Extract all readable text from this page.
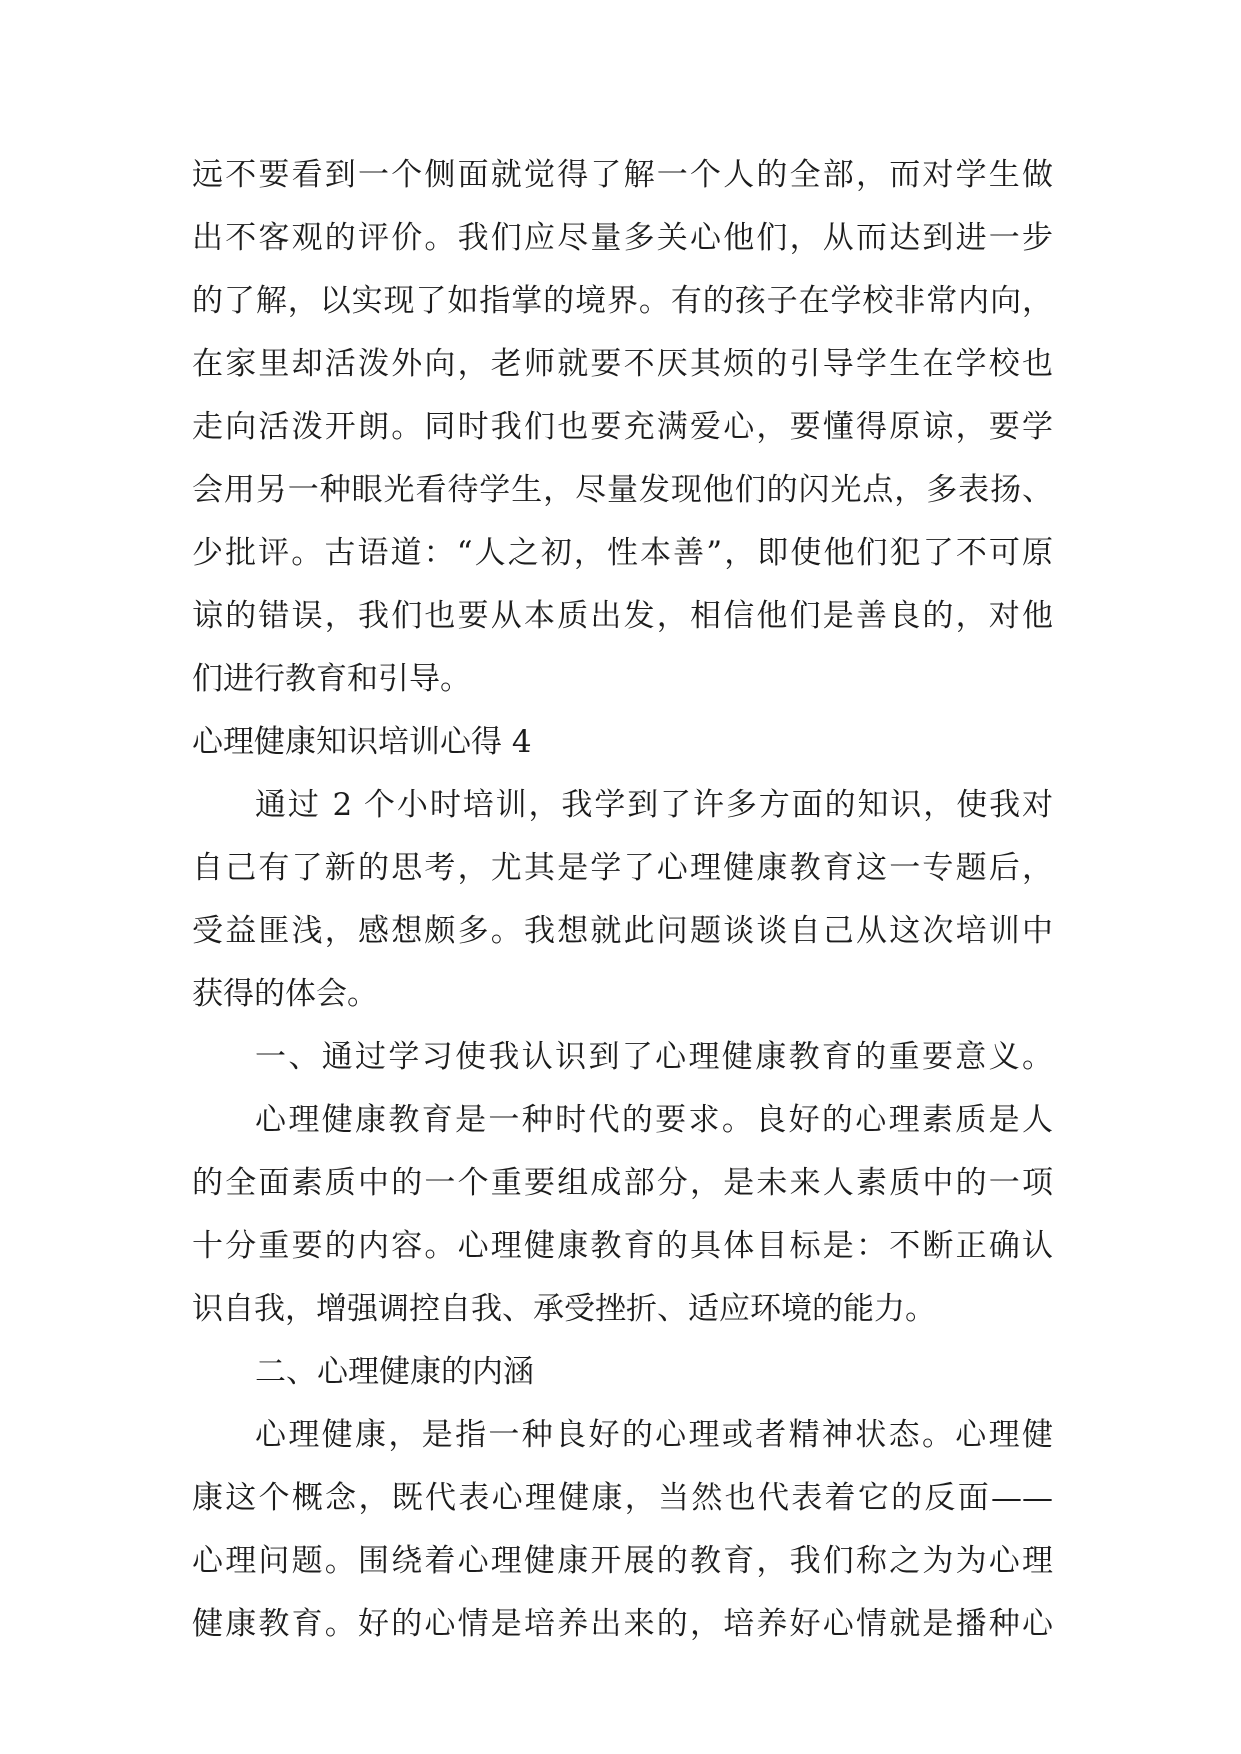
远不要看到一个侧面就觉得了解一个人的全部，而对学生做
出不客观的评价。我们应尽量多关心他们，从而达到进一步
的了解，以实现了如指掌的境界。有的孩子在学校非常内向，
在家里却活泼外向，老师就要不厌其烦的引导学生在学校也
走向活泼开朗。同时我们也要充满爱心，要懂得原谅，要学
会用另一种眼光看待学生，尽量发现他们的闪光点，多表扬、
少批评。古语道：“人之初，性本善”，即使他们犯了不可原
谅的错误，我们也要从本质出发，相信他们是善良的，对他
们进行教育和引导。
心理健康知识培训心得 4
通过 2 个小时培训，我学到了许多方面的知识，使我对
自己有了新的思考，尤其是学了心理健康教育这一专题后，
受益匪浅，感想颇多。我想就此问题谈谈自己从这次培训中
获得的体会。
一、通过学习使我认识到了心理健康教育的重要意义。
心理健康教育是一种时代的要求。良好的心理素质是人
的全面素质中的一个重要组成部分，是未来人素质中的一项
十分重要的内容。心理健康教育的具体目标是：不断正确认
识自我，增强调控自我、承受挫折、适应环境的能力。
二、心理健康的内涵
心理健康，是指一种良好的心理或者精神状态。心理健
康这个概念，既代表心理健康，当然也代表着它的反面——
心理问题。围绕着心理健康开展的教育，我们称之为为心理
健康教育。好的心情是培养出来的，培养好心情就是播种心
